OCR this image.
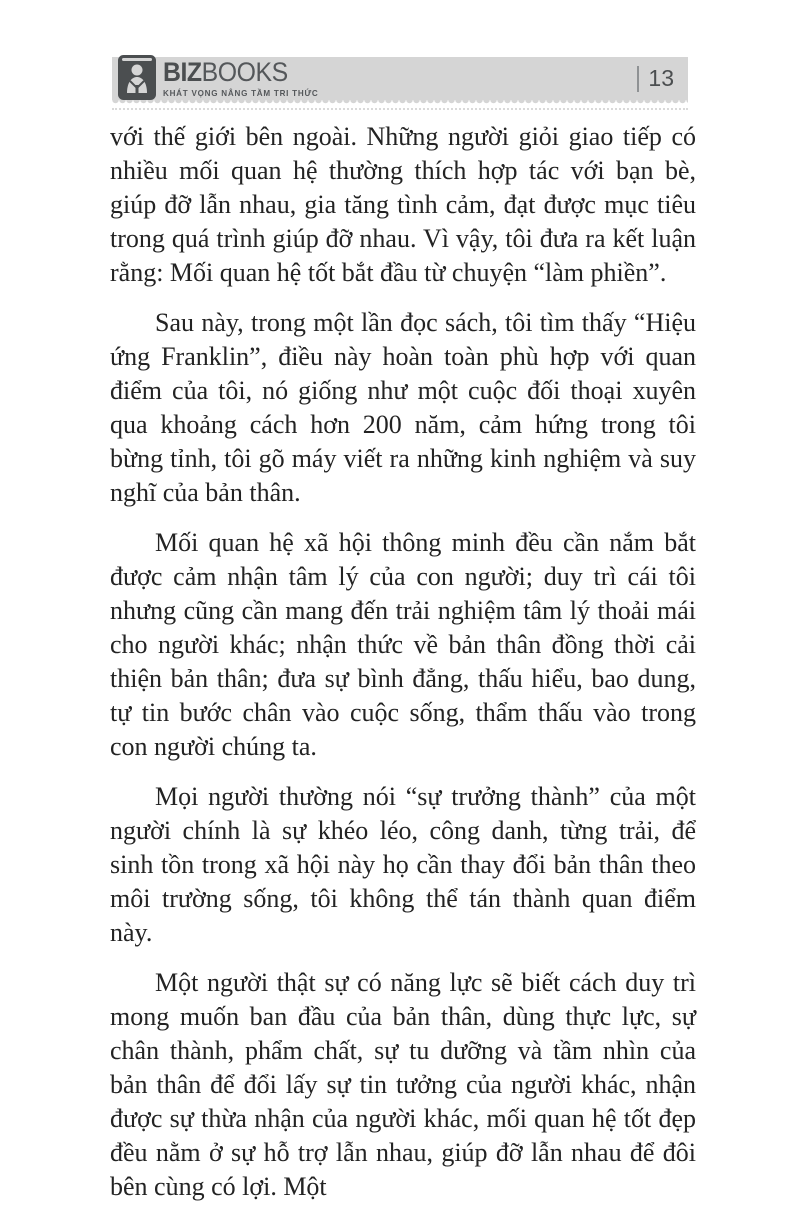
BIZBOOKS
KHÁT VỌNG NÂNG TẦM TRI THỨC
13

với thế giới bên ngoài. Những người giỏi giao tiếp có nhiều mối quan hệ thường thích hợp tác với bạn bè, giúp đỡ lẫn nhau, gia tăng tình cảm, đạt được mục tiêu trong quá trình giúp đỡ nhau. Vì vậy, tôi đưa ra kết luận rằng: Mối quan hệ tốt bắt đầu từ chuyện “làm phiền”.

Sau này, trong một lần đọc sách, tôi tìm thấy “Hiệu ứng Franklin”, điều này hoàn toàn phù hợp với quan điểm của tôi, nó giống như một cuộc đối thoại xuyên qua khoảng cách hơn 200 năm, cảm hứng trong tôi bừng tỉnh, tôi gõ máy viết ra những kinh nghiệm và suy nghĩ của bản thân.

Mối quan hệ xã hội thông minh đều cần nắm bắt được cảm nhận tâm lý của con người; duy trì cái tôi nhưng cũng cần mang đến trải nghiệm tâm lý thoải mái cho người khác; nhận thức về bản thân đồng thời cải thiện bản thân; đưa sự bình đẳng, thấu hiểu, bao dung, tự tin bước chân vào cuộc sống, thẩm thấu vào trong con người chúng ta.

Mọi người thường nói “sự trưởng thành” của một người chính là sự khéo léo, công danh, từng trải, để sinh tồn trong xã hội này họ cần thay đổi bản thân theo môi trường sống, tôi không thể tán thành quan điểm này.

Một người thật sự có năng lực sẽ biết cách duy trì mong muốn ban đầu của bản thân, dùng thực lực, sự chân thành, phẩm chất, sự tu dưỡng và tầm nhìn của bản thân để đổi lấy sự tin tưởng của người khác, nhận được sự thừa nhận của người khác, mối quan hệ tốt đẹp đều nằm ở sự hỗ trợ lẫn nhau, giúp đỡ lẫn nhau để đôi bên cùng có lợi. Một
